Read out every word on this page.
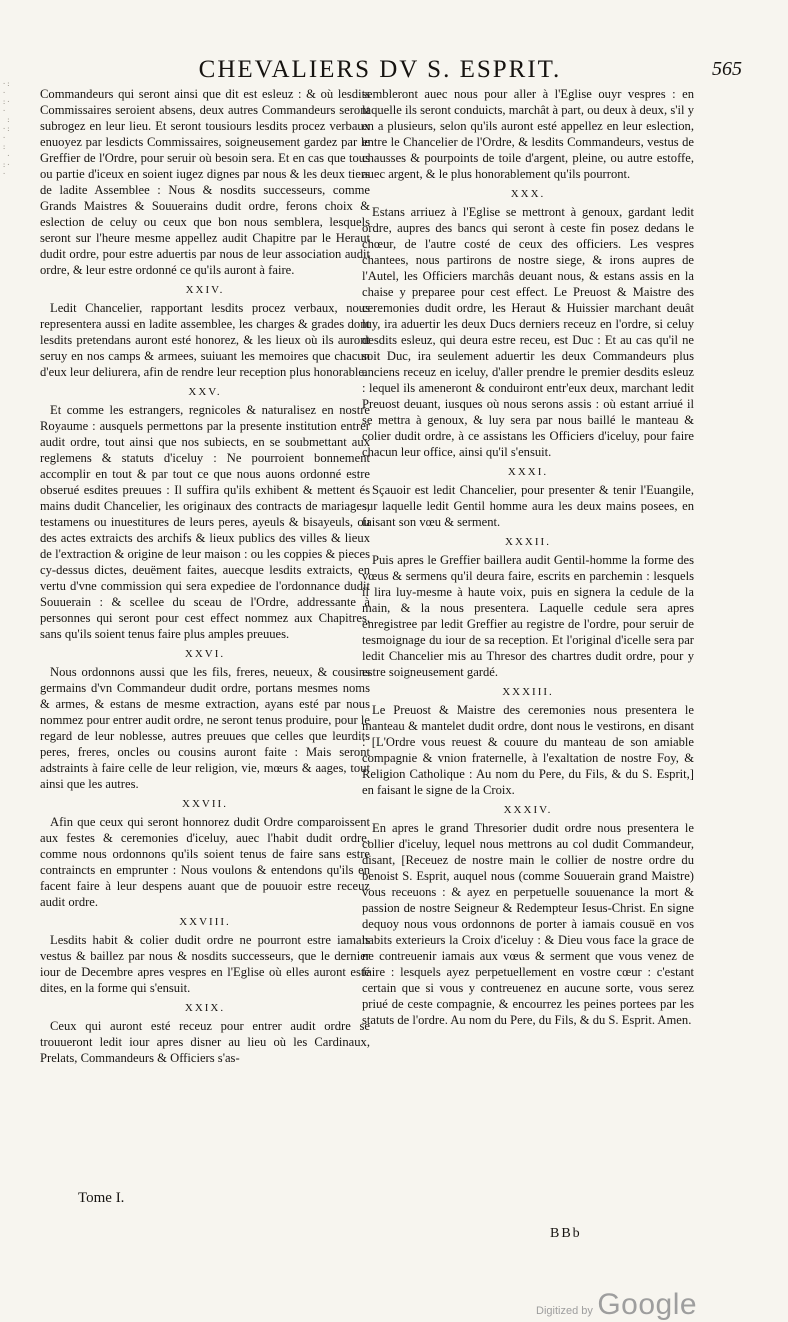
·:
·
:·
·
:
·:
·
:
·
:·
·
CHEVALIERS DV S. ESPRIT.	565

Commandeurs qui seront ainsi que dit est esleuz : & où lesdits Commissaires seroient absens, deux autres Commandeurs seront subrogez en leur lieu. Et seront tousiours lesdits procez verbaux enuoyez par lesdicts Commissaires, soigneusement gardez par le Greffier de l'Ordre, pour seruir où besoin sera. Et en cas que tous ou partie d'iceux en soient iugez dignes par nous & les deux tiers de ladite Assemblee : Nous & nosdits successeurs, comme Grands Maistres & Souuerains dudit ordre, ferons choix & eslection de celuy ou ceux que bon nous semblera, lesquels seront sur l'heure mesme appellez audit Chapitre par le Heraut dudit ordre, pour estre aduertis par nous de leur association audit ordre, & leur estre ordonné ce qu'ils auront à faire.

XXIV.

Ledit Chancelier, rapportant lesdits procez verbaux, nous representera aussi en ladite assemblee, les charges & grades dont lesdits pretendans auront esté honorez, & les lieux où ils auront seruy en nos camps & armees, suiuant les memoires que chacun d'eux leur deliurera, afin de rendre leur reception plus honorable.

XXV.

Et comme les estrangers, regnicoles & naturalisez en nostre Royaume : ausquels permettons par la presente institution entrer audit ordre, tout ainsi que nos subiects, en se soubmettant aux reglemens & statuts d'iceluy : Ne pourroient bonnement accomplir en tout & par tout ce que nous auons ordonné estre obserué esdites preuues : Il suffira qu'ils exhibent & mettent és mains dudit Chancelier, les originaux des contracts de mariages, testamens ou inuestitures de leurs peres, ayeuls & bisayeuls, ou des actes extraicts des archifs & lieux publics des villes & lieux de l'extraction & origine de leur maison : ou les coppies & pieces cy-dessus dictes, deuëment faites, auecque lesdits extraicts, en vertu d'vne commission qui sera expediee de l'ordonnance dudit Souuerain : & scellee du sceau de l'Ordre, addressante à personnes qui seront pour cest effect nommez aux Chapitres, sans qu'ils soient tenus faire plus amples preuues.

XXVI.

Nous ordonnons aussi que les fils, freres, neueux, & cousins germains d'vn Commandeur dudit ordre, portans mesmes noms & armes, & estans de mesme extraction, ayans esté par nous nommez pour entrer audit ordre, ne seront tenus produire, pour le regard de leur noblesse, autres preuues que celles que leurdits peres, freres, oncles ou cousins auront faite : Mais seront adstraints à faire celle de leur religion, vie, mœurs & aages, tout ainsi que les autres.

XXVII.

Afin que ceux qui seront honnorez dudit Ordre comparoissent aux festes & ceremonies d'iceluy, auec l'habit dudit ordre, comme nous ordonnons qu'ils soient tenus de faire sans estre contraincts en emprunter : Nous voulons & entendons qu'ils en facent faire à leur despens auant que de pouuoir estre receuz audit ordre.

XXVIII.

Lesdits habit & colier dudit ordre ne pourront estre iamais vestus & baillez par nous & nosdits successeurs, que le dernier iour de Decembre apres vespres en l'Eglise où elles auront esté dites, en la forme qui s'ensuit.

XXIX.

Ceux qui auront esté receuz pour entrer audit ordre se trouueront ledit iour apres disner au lieu où les Cardinaux, Prelats, Commandeurs & Officiers s'as-

sembleront auec nous pour aller à l'Eglise ouyr vespres : en laquelle ils seront conduicts, marchât à part, ou deux à deux, s'il y en a plusieurs, selon qu'ils auront esté appellez en leur eslection, entre le Chancelier de l'Ordre, & lesdits Commandeurs, vestus de chausses & pourpoints de toile d'argent, pleine, ou autre estoffe, auec argent, & le plus honorablement qu'ils pourront.

XXX.

Estans arriuez à l'Eglise se mettront à genoux, gardant ledit ordre, aupres des bancs qui seront à ceste fin posez dedans le chœur, de l'autre costé de ceux des officiers. Les vespres chantees, nous partirons de nostre siege, & irons aupres de l'Autel, les Officiers marchâs deuant nous, & estans assis en la chaise y preparee pour cest effect. Le Preuost & Maistre des ceremonies dudit ordre, les Heraut & Huissier marchant deuât luy, ira aduertir les deux Ducs derniers receuz en l'ordre, si celuy desdits esleuz, qui deura estre receu, est Duc : Et au cas qu'il ne soit Duc, ira seulement aduertir les deux Commandeurs plus anciens receuz en iceluy, d'aller prendre le premier desdits esleuz : lequel ils ameneront & conduiront entr'eux deux, marchant ledit Preuost deuant, iusques où nous serons assis : où estant arriué il se mettra à genoux, & luy sera par nous baillé le manteau & colier dudit ordre, à ce assistans les Officiers d'iceluy, pour faire chacun leur office, ainsi qu'il s'ensuit.

XXXI.

Sçauoir est ledit Chancelier, pour presenter & tenir l'Euangile, sur laquelle ledit Gentil homme aura les deux mains posees, en faisant son vœu & serment.

XXXII.

Puis apres le Greffier baillera audit Gentil-homme la forme des vœus & sermens qu'il deura faire, escrits en parchemin : lesquels il lira luy-mesme à haute voix, puis en signera la cedule de la main, & la nous presentera. Laquelle cedule sera apres enregistree par ledit Greffier au registre de l'ordre, pour seruir de tesmoignage du iour de sa reception. Et l'original d'icelle sera par ledit Chancelier mis au Thresor des chartres dudit ordre, pour y estre soigneusement gardé.

XXXIII.

Le Preuost & Maistre des ceremonies nous presentera le manteau & mantelet dudit ordre, dont nous le vestirons, en disant : [L'Ordre vous reuest & couure du manteau de son amiable compagnie & vnion fraternelle, à l'exaltation de nostre Foy, & Religion Catholique : Au nom du Pere, du Fils, & du S. Esprit,] en faisant le signe de la Croix.

XXXIV.

En apres le grand Thresorier dudit ordre nous presentera le collier d'iceluy, lequel nous mettrons au col dudit Commandeur, disant, [Receuez de nostre main le collier de nostre ordre du benoist S. Esprit, auquel nous (comme Souuerain grand Maistre) vous receuons : & ayez en perpetuelle souuenance la mort & passion de nostre Seigneur & Redempteur Iesus-Christ. En signe dequoy nous vous ordonnons de porter à iamais cousuë en vos habits exterieurs la Croix d'iceluy : & Dieu vous face la grace de ne contreuenir iamais aux vœus & serment que vous venez de faire : lesquels ayez perpetuellement en vostre cœur : c'estant certain que si vous y contreuenez en aucune sorte, vous serez priué de ceste compagnie, & encourrez les peines portees par les statuts de l'ordre. Au nom du Pere, du Fils, & du S. Esprit. Amen.

Tome I.
BBb
Digitized by Google
